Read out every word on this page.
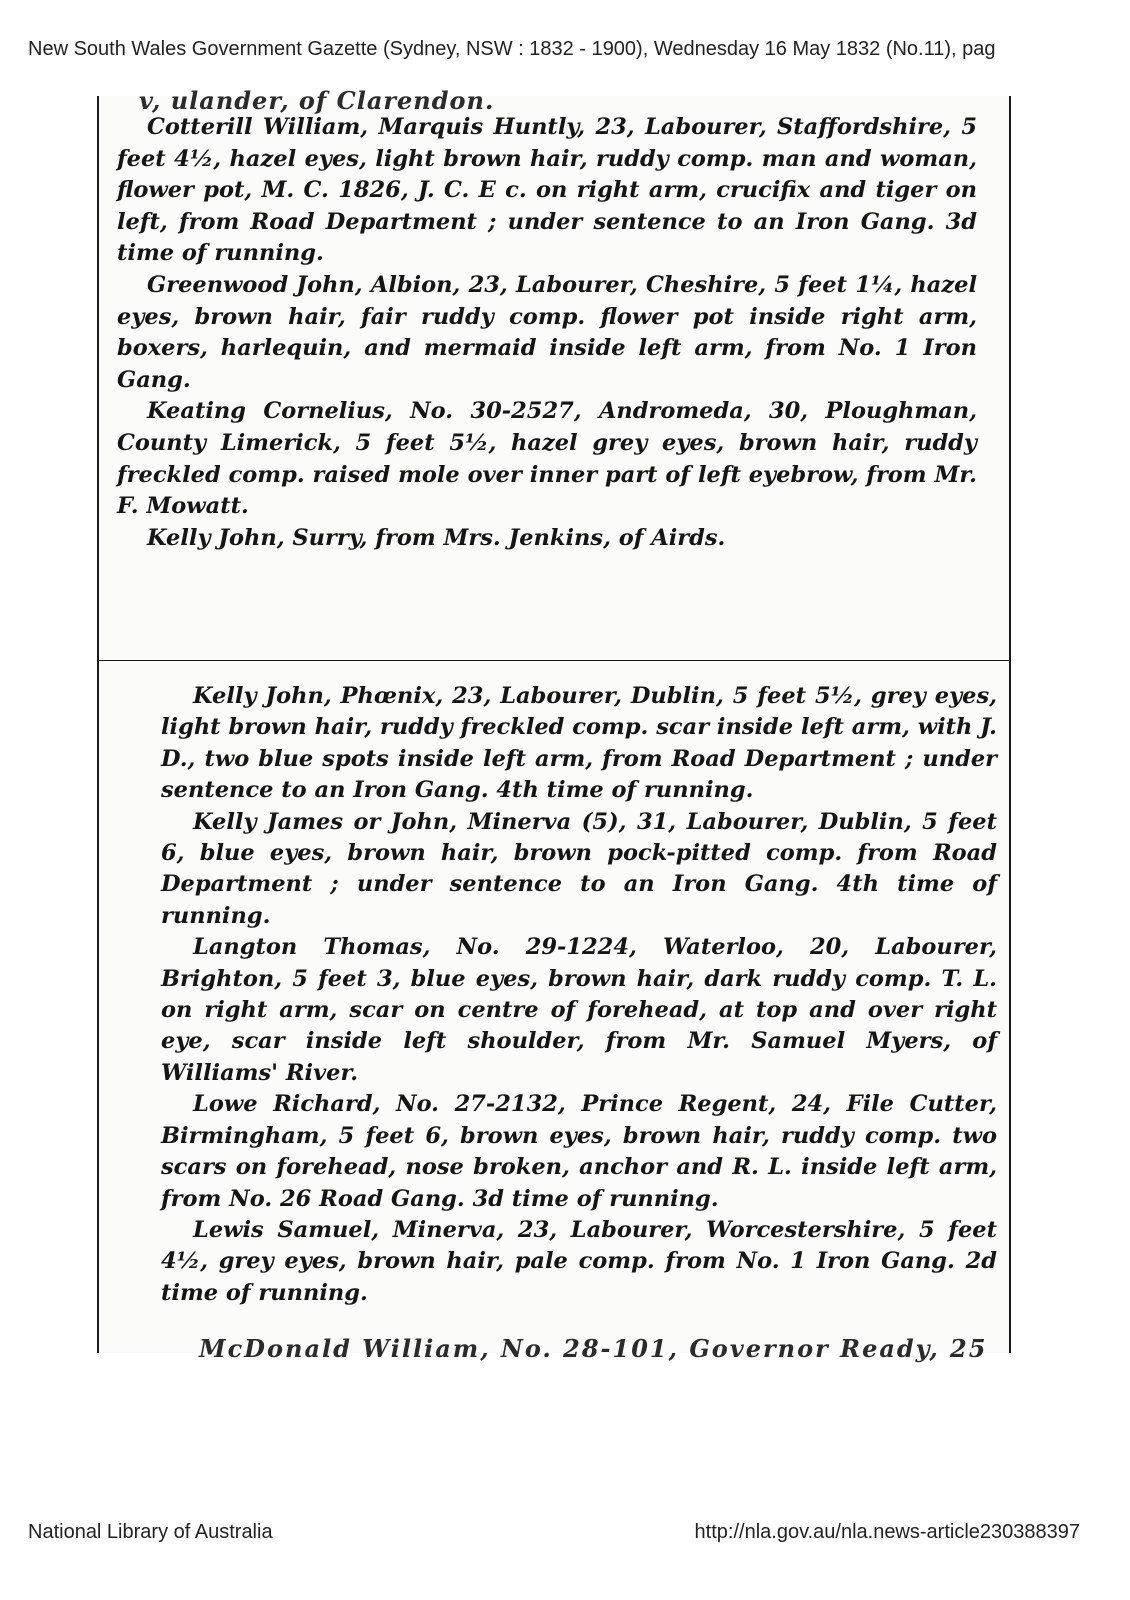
New South Wales Government Gazette (Sydney, NSW : 1832 - 1900), Wednesday 16 May 1832 (No.11), pag
v, ulander, of Clarendon.

Cotterill William, Marquis Huntly, 23, Labourer, Staffordshire, 5 feet 4½, hazel eyes, light brown hair, ruddy comp. man and woman, flower pot, M. C. 1826, J. C. E c. on right arm, crucifix and tiger on left, from Road Department ; under sentence to an Iron Gang. 3d time of running.

Greenwood John, Albion, 23, Labourer, Cheshire, 5 feet 1¼, hazel eyes, brown hair, fair ruddy comp. flower pot inside right arm, boxers, harlequin, and mermaid inside left arm, from No. 1 Iron Gang.

Keating Cornelius, No. 30-2527, Andromeda, 30, Ploughman, County Limerick, 5 feet 5½, hazel grey eyes, brown hair, ruddy freckled comp. raised mole over inner part of left eyebrow, from Mr. F. Mowatt.

Kelly John, Surry, from Mrs. Jenkins, of Airds.

Kelly John, Phœnix, 23, Labourer, Dublin, 5 feet 5½, grey eyes, light brown hair, ruddy freckled comp. scar inside left arm, with J. D., two blue spots inside left arm, from Road Department ; under sentence to an Iron Gang. 4th time of running.

Kelly James or John, Minerva (5), 31, Labourer, Dublin, 5 feet 6, blue eyes, brown hair, brown pock-pitted comp. from Road Department ; under sentence to an Iron Gang. 4th time of running.

Langton Thomas, No. 29-1224, Waterloo, 20, Labourer, Brighton, 5 feet 3, blue eyes, brown hair, dark ruddy comp. T. L. on right arm, scar on centre of forehead, at top and over right eye, scar inside left shoulder, from Mr. Samuel Myers, of Williams' River.

Lowe Richard, No. 27-2132, Prince Regent, 24, File Cutter, Birmingham, 5 feet 6, brown eyes, brown hair, ruddy comp. two scars on forehead, nose broken, anchor and R. L. inside left arm, from No. 26 Road Gang. 3d time of running.

Lewis Samuel, Minerva, 23, Labourer, Worcestershire, 5 feet 4½, grey eyes, brown hair, pale comp. from No. 1 Iron Gang. 2d time of running.

McDonald William, No. 28-101, Governor Ready, 25
National Library of Australia	http://nla.gov.au/nla.news-article230388397
